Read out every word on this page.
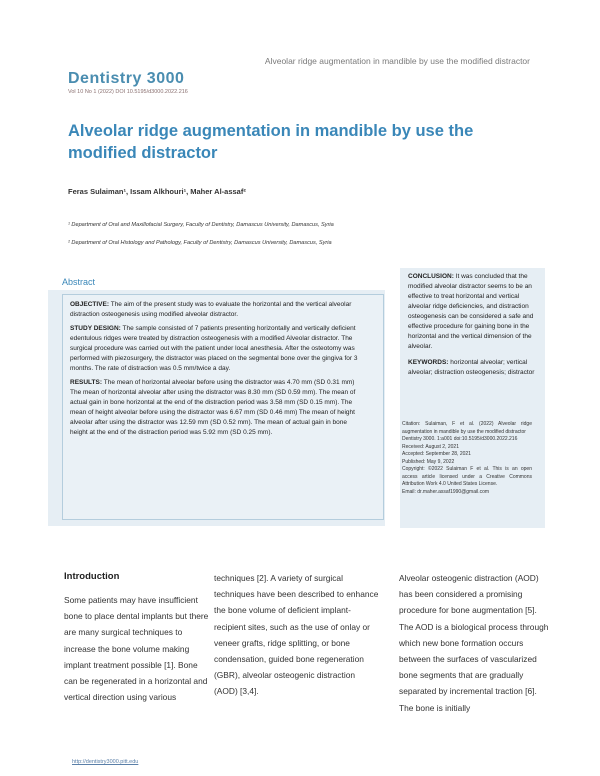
Alveolar ridge augmentation in mandible by use the modified distractor
Dentistry 3000
Vol 10 No 1 (2022) DOI 10.5195/d3000.2022.216
Alveolar ridge augmentation in mandible by use the modified distractor
Feras Sulaiman¹, Issam Alkhouri¹, Maher Al-assaf²
¹ Department of Oral and Maxillofacial Surgery, Faculty of Dentistry, Damascus University, Damascus, Syria
² Department of Oral Histology and Pathology, Faculty of Dentistry, Damascus University, Damascus, Syria
Abstract

OBJECTIVE: The aim of the present study was to evaluate the horizontal and the vertical alveolar distraction osteogenesis using modified alveolar distractor.

STUDY DESIGN: The sample consisted of 7 patients presenting horizontally and vertically deficient edentulous ridges were treated by distraction osteogenesis with a modified Alveolar distractor. The surgical procedure was carried out with the patient under local anesthesia. After the osteotomy was performed with piezosurgery, the distractor was placed on the segmental bone over the gingiva for 3 months. The rate of distraction was 0.5 mm/twice a day.

RESULTS: The mean of horizontal alveolar before using the distractor was 4.70 mm (SD 0.31 mm) The mean of horizontal alveolar after using the distractor was 8.30 mm (SD 0.59 mm). The mean of actual gain in bone horizontal at the end of the distraction period was 3.58 mm (SD 0.15 mm). The mean of height alveolar before using the distractor was 6.67 mm (SD 0.46 mm) The mean of height alveolar after using the distractor was 12.59 mm (SD 0.52 mm). The mean of actual gain in bone height at the end of the distraction period was 5.92 mm (SD 0.25 mm).

CONCLUSION: It was concluded that the modified alveolar distractor seems to be an effective to treat horizontal and vertical alveolar ridge deficiencies, and distraction osteogenesis can be considered a safe and effective procedure for gaining bone in the horizontal and the vertical dimension of the alveolar.

KEYWORDS: horizontal alveolar; vertical alveolar; distraction osteogenesis; distractor

Citation: Sulaiman, F et al. (2022) Alveolar ridge augmentation in mandible by use the modified distractor
Dentistry 3000. 1:a001 doi:10.5195/d3000.2022.216
Received: August 2, 2021
Accepted: September 28, 2021
Published: May 9, 2022
Copyright: ©2022 Sulaiman F et al. This is an open access article licensed under a Creative Commons Attribution Work 4.0 United States License.
Email: dr.maher.assaf1990@gmail.com
Introduction
Some patients may have insufficient bone to place dental implants but there are many surgical techniques to increase the bone volume making implant treatment possible [1]. Bone can be regenerated in a horizontal and vertical direction using various
techniques [2]. A variety of surgical techniques have been described to enhance the bone volume of deficient implant-recipient sites, such as the use of onlay or veneer grafts, ridge splitting, or bone condensation, guided bone regeneration (GBR), alveolar osteogenic distraction (AOD) [3,4].
Alveolar osteogenic distraction (AOD) has been considered a promising procedure for bone augmentation [5]. The AOD is a biological process through which new bone formation occurs between the surfaces of vascularized bone segments that are gradually separated by incremental traction [6]. The bone is initially
http://dentistry3000.pitt.edu
